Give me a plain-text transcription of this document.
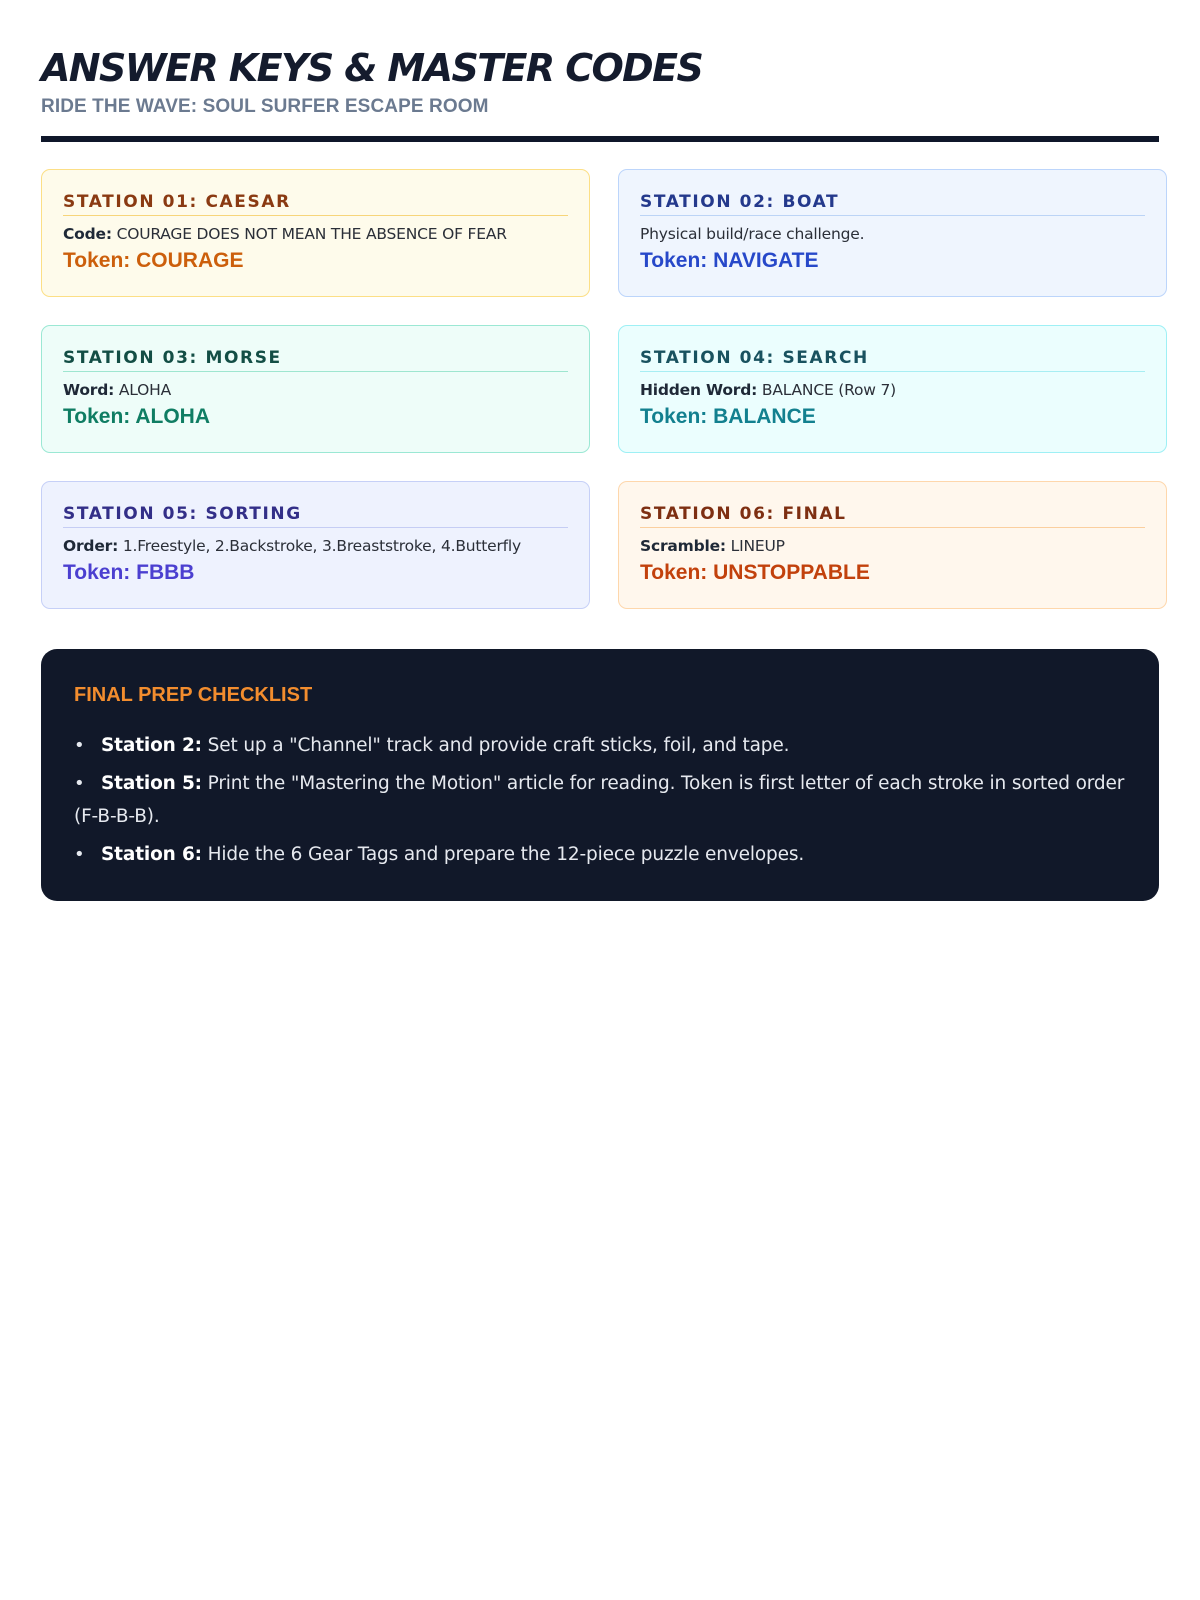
ANSWER KEYS & MASTER CODES
RIDE THE WAVE: SOUL SURFER ESCAPE ROOM
STATION 01: CAESAR
Code: COURAGE DOES NOT MEAN THE ABSENCE OF FEAR
Token: COURAGE
STATION 02: BOAT
Physical build/race challenge.
Token: NAVIGATE
STATION 03: MORSE
Word: ALOHA
Token: ALOHA
STATION 04: SEARCH
Hidden Word: BALANCE (Row 7)
Token: BALANCE
STATION 05: SORTING
Order: 1.Freestyle, 2.Backstroke, 3.Breaststroke, 4.Butterfly
Token: FBBB
STATION 06: FINAL
Scramble: LINEUP
Token: UNSTOPPABLE
FINAL PREP CHECKLIST
• Station 2: Set up a "Channel" track and provide craft sticks, foil, and tape.
• Station 5: Print the "Mastering the Motion" article for reading. Token is first letter of each stroke in sorted order (F-B-B-B).
• Station 6: Hide the 6 Gear Tags and prepare the 12-piece puzzle envelopes.
